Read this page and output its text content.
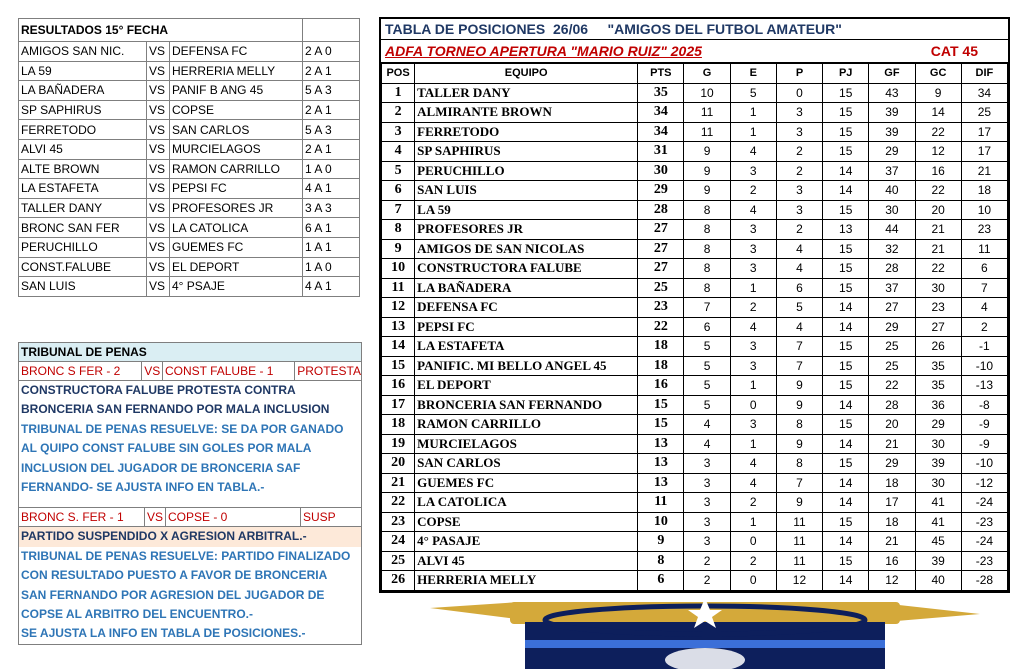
RESULTADOS 15° FECHA			
AMIGOS SAN NIC.	VS	DEFENSA FC	2 A 0
LA 59	VS	HERRERIA MELLY	2 A 1
LA BAÑADERA	VS	PANIF B ANG 45	5 A 3
SP SAPHIRUS	VS	COPSE	2 A 1
FERRETODO	VS	SAN CARLOS	5 A 3
ALVI 45	VS	MURCIELAGOS	2 A 1
ALTE BROWN	VS	RAMON CARRILLO	1 A 0
LA ESTAFETA	VS	PEPSI FC	4 A 1
TALLER DANY	VS	PROFESORES JR	3 A 3
BRONC SAN FER	VS	LA CATOLICA	6 A 1
PERUCHILLO	VS	GUEMES FC	1 A 1
CONST.FALUBE	VS	EL DEPORT	1 A 0
SAN LUIS	VS	4° PSAJE	4 A 1
TRIBUNAL DE PENAS
BRONC S FER - 2	VS	CONST FALUBE - 1	PROTESTA
CONSTRUCTORA FALUBE PROTESTA CONTRA
BRONCERIA SAN FERNANDO POR MALA INCLUSION
TRIBUNAL DE PENAS RESUELVE: SE DA POR GANADO
AL QUIPO CONST FALUBE SIN GOLES POR MALA
INCLUSION DEL JUGADOR DE BRONCERIA SAF
FERNANDO- SE AJUSTA INFO EN TABLA.-
BRONC S. FER - 1	VS	COPSE - 0	SUSP
PARTIDO SUSPENDIDO X AGRESION ARBITRAL.-
TRIBUNAL DE PENAS RESUELVE: PARTIDO FINALIZADO
CON RESULTADO PUESTO A FAVOR DE BRONCERIA
SAN FERNANDO POR AGRESION DEL JUGADOR DE
COPSE AL ARBITRO DEL ENCUENTRO.-
SE AJUSTA LA INFO EN TABLA DE POSICIONES.-
TABLA DE POSICIONES  26/06     "AMIGOS DEL FUTBOL AMATEUR"
ADFA TORNEO APERTURA "MARIO RUIZ" 2025	CAT 45
POS	EQUIPO	PTS	G	E	P	PJ	GF	GC	DIF
1	TALLER DANY	35	10	5	0	15	43	9	34
2	ALMIRANTE BROWN	34	11	1	3	15	39	14	25
3	FERRETODO	34	11	1	3	15	39	22	17
4	SP SAPHIRUS	31	9	4	2	15	29	12	17
5	PERUCHILLO	30	9	3	2	14	37	16	21
6	SAN LUIS	29	9	2	3	14	40	22	18
7	LA 59	28	8	4	3	15	30	20	10
8	PROFESORES JR	27	8	3	2	13	44	21	23
9	AMIGOS DE SAN NICOLAS	27	8	3	4	15	32	21	11
10	CONSTRUCTORA FALUBE	27	8	3	4	15	28	22	6
11	LA BAÑADERA	25	8	1	6	15	37	30	7
12	DEFENSA FC	23	7	2	5	14	27	23	4
13	PEPSI FC	22	6	4	4	14	29	27	2
14	LA ESTAFETA	18	5	3	7	15	25	26	-1
15	PANIFIC. MI BELLO ANGEL 45	18	5	3	7	15	25	35	-10
16	EL DEPORT	16	5	1	9	15	22	35	-13
17	BRONCERIA SAN FERNANDO	15	5	0	9	14	28	36	-8
18	RAMON CARRILLO	15	4	3	8	15	20	29	-9
19	MURCIELAGOS	13	4	1	9	14	21	30	-9
20	SAN CARLOS	13	3	4	8	15	29	39	-10
21	GUEMES FC	13	3	4	7	14	18	30	-12
22	LA CATOLICA	11	3	2	9	14	17	41	-24
23	COPSE	10	3	1	11	15	18	41	-23
24	4° PASAJE	9	3	0	11	14	21	45	-24
25	ALVI 45	8	2	2	11	15	16	39	-23
26	HERRERIA MELLY	6	2	0	12	14	12	40	-28
